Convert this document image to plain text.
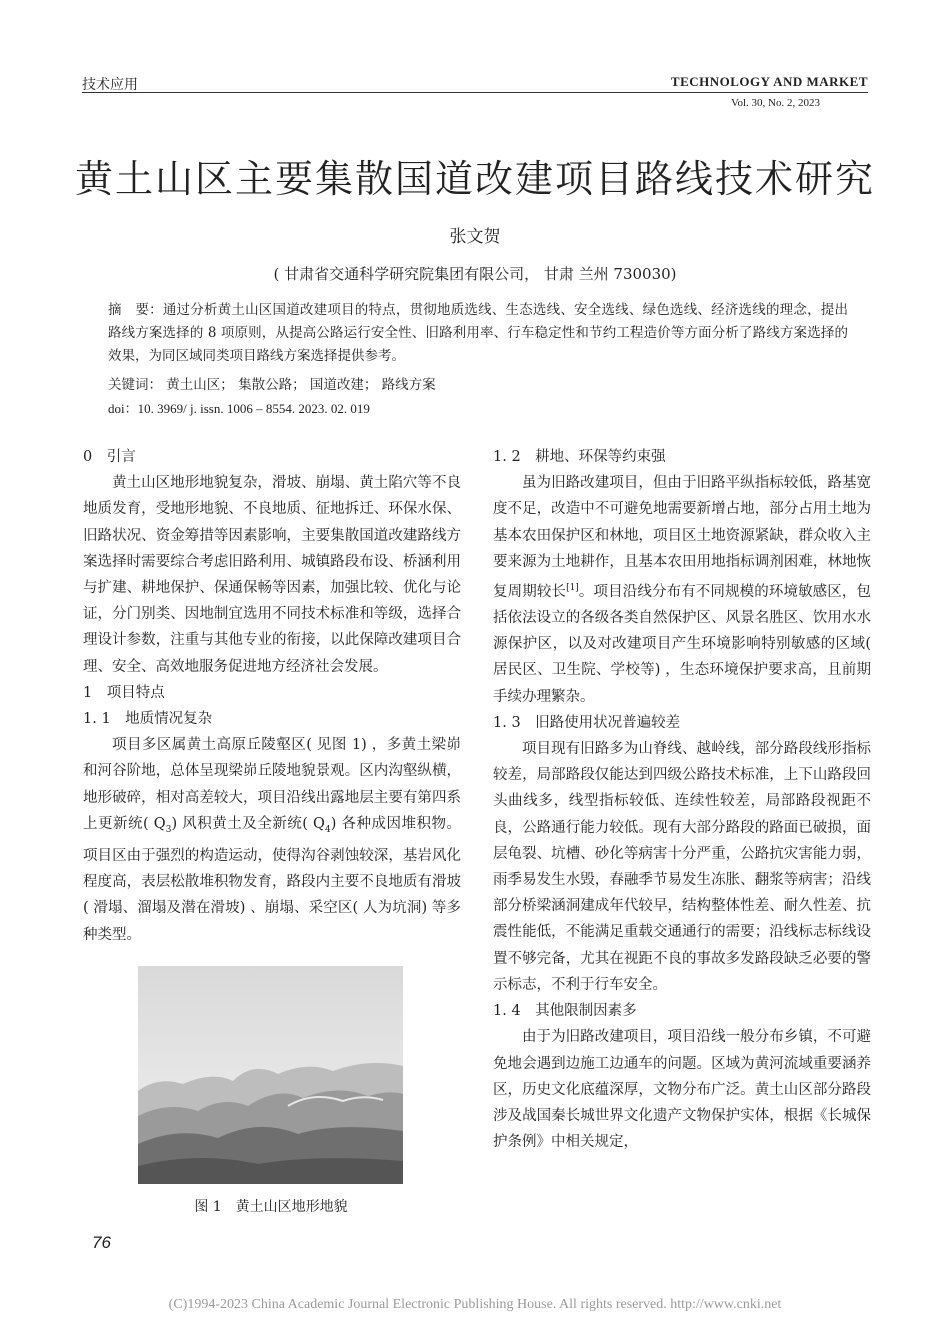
技术应用	TECHNOLOGY AND MARKET
Vol. 30, No. 2, 2023
黄土山区主要集散国道改建项目路线技术研究
张文贺
( 甘肃省交通科学研究院集团有限公司， 甘肃 兰州 730030)
摘　要：通过分析黄土山区国道改建项目的特点，贯彻地质选线、生态选线、安全选线、绿色选线、经济选线的理念，提出路线方案选择的 8 项原则，从提高公路运行安全性、旧路利用率、行车稳定性和节约工程造价等方面分析了路线方案选择的效果，为同区域同类项目路线方案选择提供参考。
关键词： 黄土山区； 集散公路； 国道改建； 路线方案
doi：10. 3969/ j. issn. 1006 – 8554. 2023. 02. 019
0　引言

黄土山区地形地貌复杂，滑坡、崩塌、黄土陷穴等不良地质发育，受地形地貌、不良地质、征地拆迁、环保水保、旧路状况、资金筹措等因素影响，主要集散国道改建路线方案选择时需要综合考虑旧路利用、城镇路段布设、桥涵利用与扩建、耕地保护、保通保畅等因素，加强比较、优化与论证，分门别类、因地制宜选用不同技术标准和等级，选择合理设计参数，注重与其他专业的衔接，以此保障改建项目合理、安全、高效地服务促进地方经济社会发展。

1　项目特点
1. 1　地质情况复杂

项目多区属黄土高原丘陵壑区( 见图 1) ，多黄土梁峁和河谷阶地，总体呈现梁峁丘陵地貌景观。区内沟壑纵横，地形破碎，相对高差较大，项目沿线出露地层主要有第四系上更新统( $Q_3$) 风积黄土及全新统( $Q_4$) 各种成因堆积物。项目区由于强烈的构造运动，使得沟谷剥蚀较深，基岩风化程度高，表层松散堆积物发育，路段内主要不良地质有滑坡( 滑塌、溜塌及潜在滑坡) 、崩塌、采空区( 人为坑洞) 等多种类型。

图 1　黄土山区地形地貌
1. 2　耕地、环保等约束强

虽为旧路改建项目，但由于旧路平纵指标较低，路基宽度不足，改造中不可避免地需要新增占地，部分占用土地为基本农田保护区和林地，项目区土地资源紧缺，群众收入主要来源为土地耕作，且基本农田用地指标调剂困难，林地恢复周期较长[1]。项目沿线分布有不同规模的环境敏感区，包括依法设立的各级各类自然保护区、风景名胜区、饮用水水源保护区，以及对改建项目产生环境影响特别敏感的区域( 居民区、卫生院、学校等) ，生态环境保护要求高，且前期手续办理繁杂。

1. 3　旧路使用状况普遍较差

项目现有旧路多为山脊线、越岭线，部分路段线形指标较差，局部路段仅能达到四级公路技术标准，上下山路段回头曲线多，线型指标较低、连续性较差，局部路段视距不良，公路通行能力较低。现有大部分路段的路面已破损，面层龟裂、坑槽、砂化等病害十分严重，公路抗灾害能力弱，雨季易发生水毁，春融季节易发生冻胀、翻浆等病害；沿线部分桥梁涵洞建成年代较早，结构整体性差、耐久性差、抗震性能低，不能满足重载交通通行的需要；沿线标志标线设置不够完备，尤其在视距不良的事故多发路段缺乏必要的警示标志，不利于行车安全。

1. 4　其他限制因素多

由于为旧路改建项目，项目沿线一般分布乡镇，不可避免地会遇到边施工边通车的问题。区域为黄河流域重要涵养区，历史文化底蕴深厚，文物分布广泛。黄土山区部分路段涉及战国秦长城世界文化遗产文物保护实体，根据《长城保护条例》中相关规定，

76
(C)1994-2023 China Academic Journal Electronic Publishing House. All rights reserved. http://www.cnki.net
